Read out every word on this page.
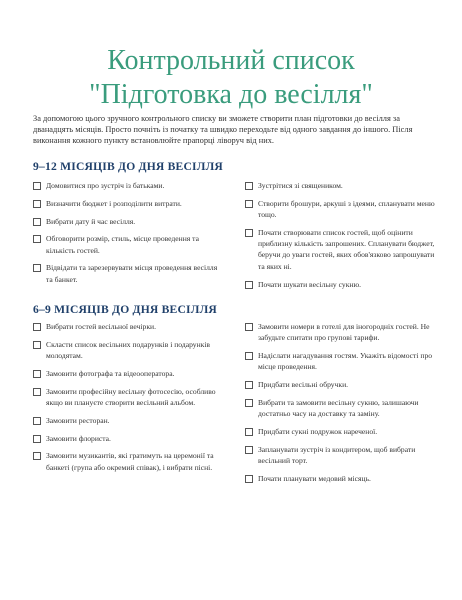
Контрольний список
"Підготовка до весілля"
За допомогою цього зручного контрольного списку ви зможете створити план підготовки до весілля за дванадцять місяців. Просто почніть із початку та швидко переходьте від одного завдання до іншого. Після виконання кожного пункту встановлюйте прапорці ліворуч від них.
9–12 МІСЯЦІВ ДО ДНЯ ВЕСІЛЛЯ
Домовитися про зустріч із батьками.
Визначити бюджет і розподілити витрати.
Вибрати дату й час весілля.
Обговорити розмір, стиль, місце проведення та кількість гостей.
Відвідати та зарезервувати місця проведення весілля та банкет.
Зустрітися зі священиком.
Створити брошури, аркуші з ідеями, спланувати меню тощо.
Почати створювати список гостей, щоб оцінити приблизну кількість запрошених. Спланувати бюджет, беручи до уваги гостей, яких обов'язково запрошувати та яких ні.
Почати шукати весільну сукню.
6–9 МІСЯЦІВ ДО ДНЯ ВЕСІЛЛЯ
Вибрати гостей весільної вечірки.
Скласти список весільних подарунків і подарунків молодятам.
Замовити фотографа та відеооператора.
Замовити професійну весільну фотосесію, особливо якщо ви плануєте створити весільний альбом.
Замовити ресторан.
Замовити флориста.
Замовити музикантів, які гратимуть на церемонії та банкеті (група або окремий співак), і вибрати пісні.
Замовити номери в готелі для іногородніх гостей. Не забудьте спитати про групові тарифи.
Надіслати нагадування гостям. Укажіть відомості про місце проведення.
Придбати весільні обручки.
Вибрати та замовити весільну сукню, залишаючи достатньо часу на доставку та заміну.
Придбати сукні подружок нареченої.
Запланувати зустріч із кондитером, щоб вибрати весільний торт.
Почати планувати медовий місяць.
